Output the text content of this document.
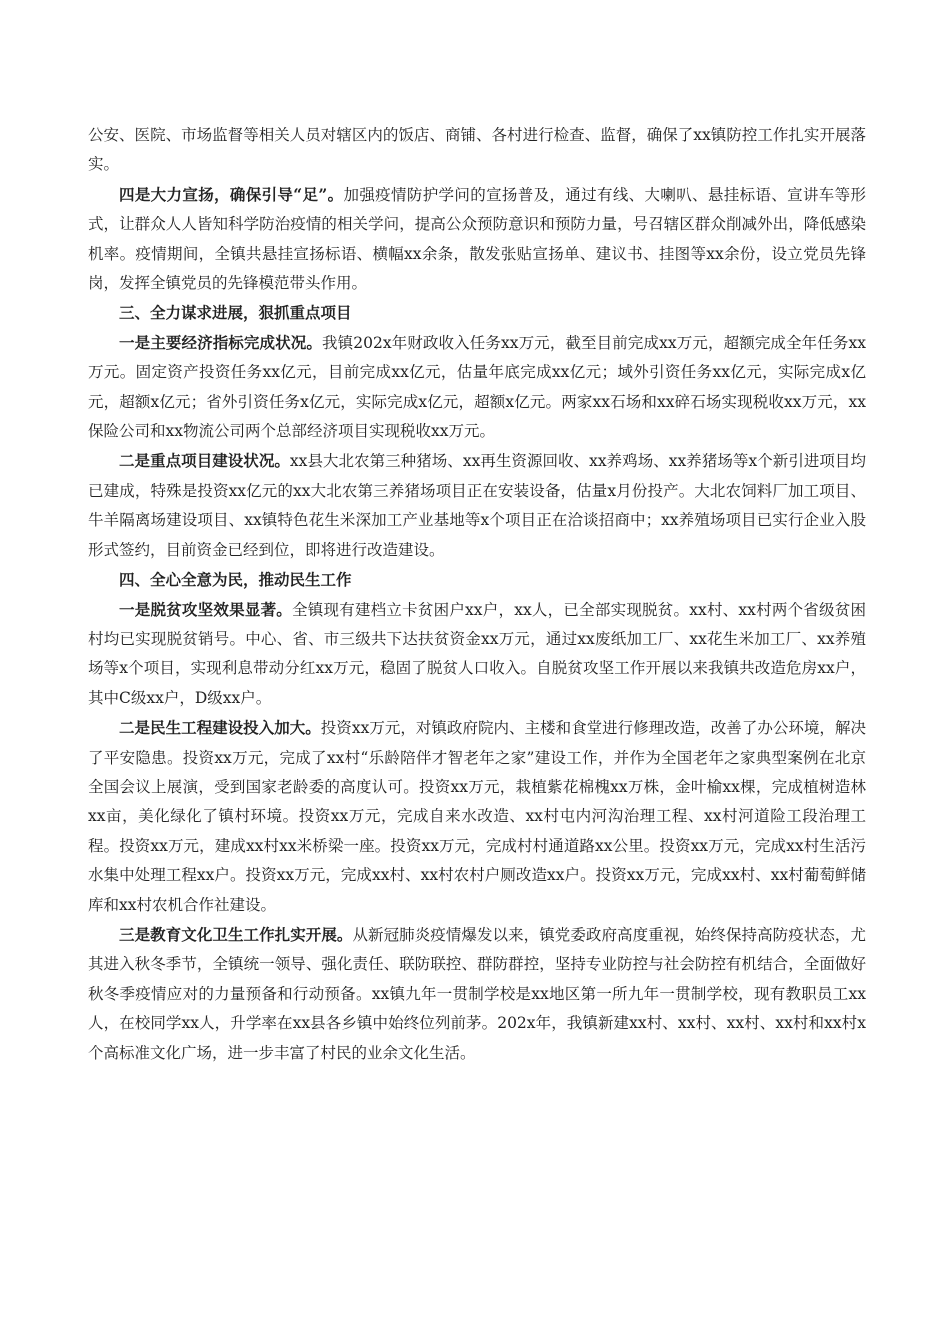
公安、医院、市场监督等相关人员对辖区内的饭店、商铺、各村进行检查、监督，确保了xx镇防控工作扎实开展落实。

四是大力宣扬，确保引导“足”。加强疫情防护学问的宣扬普及，通过有线、大喇叭、悬挂标语、宣讲车等形式，让群众人人皆知科学防治疫情的相关学问，提高公众预防意识和预防力量，号召辖区群众削减外出，降低感染机率。疫情期间，全镇共悬挂宣扬标语、横幅xx余条，散发张贴宣扬单、建议书、挂图等xx余份，设立党员先锋岗，发挥全镇党员的先锋模范带头作用。

三、全力谋求进展，狠抓重点项目

一是主要经济指标完成状况。我镇202x年财政收入任务xx万元，截至目前完成xx万元，超额完成全年任务xx万元。固定资产投资任务xx亿元，目前完成xx亿元，估量年底完成xx亿元；域外引资任务xx亿元，实际完成x亿元，超额x亿元；省外引资任务x亿元，实际完成x亿元，超额x亿元。两家xx石场和xx碎石场实现税收xx万元，xx保险公司和xx物流公司两个总部经济项目实现税收xx万元。

二是重点项目建设状况。xx县大北农第三种猪场、xx再生资源回收、xx养鸡场、xx养猪场等x个新引进项目均已建成，特殊是投资xx亿元的xx大北农第三养猪场项目正在安装设备，估量x月份投产。大北农饲料厂加工项目、牛羊隔离场建设项目、xx镇特色花生米深加工产业基地等x个项目正在洽谈招商中；xx养殖场项目已实行企业入股形式签约，目前资金已经到位，即将进行改造建设。

四、全心全意为民，推动民生工作

一是脱贫攻坚效果显著。全镇现有建档立卡贫困户xx户，xx人，已全部实现脱贫。xx村、xx村两个省级贫困村均已实现脱贫销号。中心、省、市三级共下达扶贫资金xx万元，通过xx废纸加工厂、xx花生米加工厂、xx养殖场等x个项目，实现利息带动分红xx万元，稳固了脱贫人口收入。自脱贫攻坚工作开展以来我镇共改造危房xx户，其中C级xx户，D级xx户。

二是民生工程建设投入加大。投资xx万元，对镇政府院内、主楼和食堂进行修理改造，改善了办公环境，解决了平安隐患。投资xx万元，完成了xx村“乐龄陪伴才智老年之家”建设工作，并作为全国老年之家典型案例在北京全国会议上展演，受到国家老龄委的高度认可。投资xx万元，栽植紫花棉槐xx万株，金叶榆xx棵，完成植树造林xx亩，美化绿化了镇村环境。投资xx万元，完成自来水改造、xx村屯内河沟治理工程、xx村河道险工段治理工程。投资xx万元，建成xx村xx米桥梁一座。投资xx万元，完成村村通道路xx公里。投资xx万元，完成xx村生活污水集中处理工程xx户。投资xx万元，完成xx村、xx村农村户厕改造xx户。投资xx万元，完成xx村、xx村葡萄鲜储库和xx村农机合作社建设。

三是教育文化卫生工作扎实开展。从新冠肺炎疫情爆发以来，镇党委政府高度重视，始终保持高防疫状态，尤其进入秋冬季节，全镇统一领导、强化责任、联防联控、群防群控，坚持专业防控与社会防控有机结合，全面做好秋冬季疫情应对的力量预备和行动预备。xx镇九年一贯制学校是xx地区第一所九年一贯制学校，现有教职员工xx人，在校同学xx人，升学率在xx县各乡镇中始终位列前茅。202x年，我镇新建xx村、xx村、xx村、xx村和xx村x个高标准文化广场，进一步丰富了村民的业余文化生活。
